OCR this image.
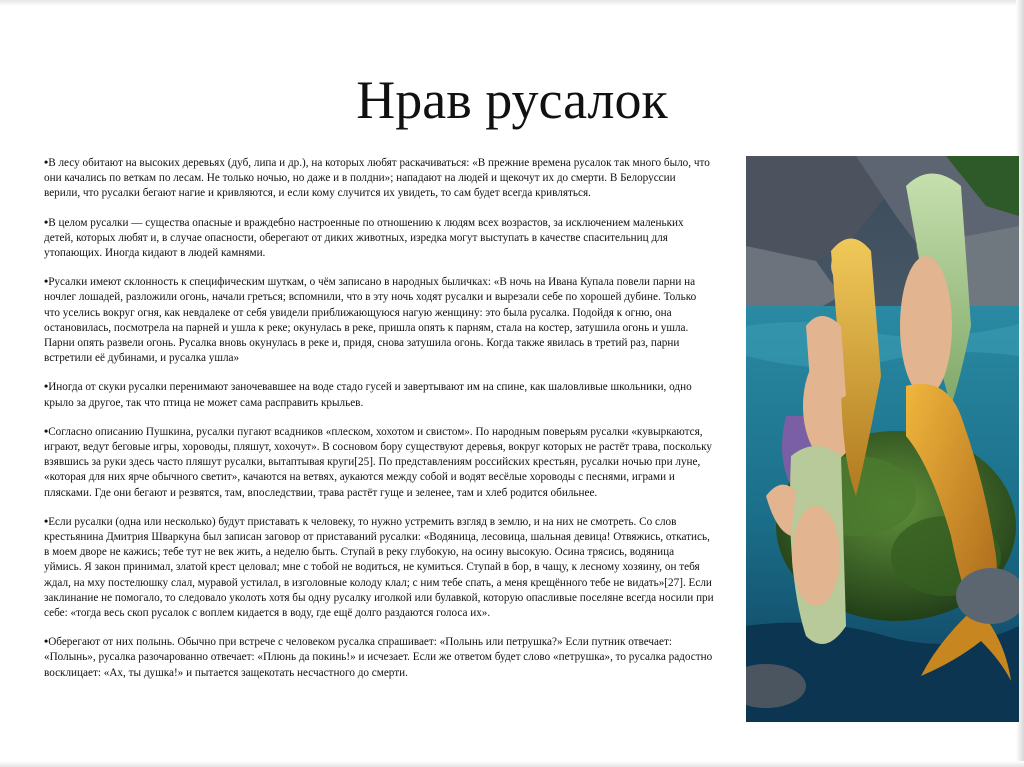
Нрав русалок

•В лесу обитают на высоких деревьях (дуб, липа и др.), на которых любят раскачиваться: «В прежние времена русалок так много было, что они качались по веткам по лесам. Не только ночью, но даже и в полдни»; нападают на людей и щекочут их до смерти. В Белоруссии верили, что русалки бегают нагие и кривляются, и если кому случится их увидеть, то сам будет всегда кривляться.

•В целом русалки — существа опасные и враждебно настроенные по отношению к людям всех возрастов, за исключением маленьких детей, которых любят и, в случае опасности, оберегают от диких животных, изредка могут выступать в качестве спасительниц для утопающих. Иногда кидают в людей камнями.

•Русалки имеют склонность к специфическим шуткам, о чём записано в народных быличках: «В ночь на Ивана Купала повели парни на ночлег лошадей, разложили огонь, начали греться; вспомнили, что в эту ночь ходят русалки и вырезали себе по хорошей дубине. Только что уселись вокруг огня, как невдалеке от себя увидели приближающуюся нагую женщину: это была русалка. Подойдя к огню, она остановилась, посмотрела на парней и ушла к реке; окунулась в реке, пришла опять к парням, стала на костер, затушила огонь и ушла. Парни опять развели огонь. Русалка вновь окунулась в реке и, придя, снова затушила огонь. Когда также явилась в третий раз, парни встретили её дубинами, и русалка ушла»

•Иногда от скуки русалки перенимают заночевавшее на воде стадо гусей и завертывают им на спине, как шаловливые школьники, одно крыло за другое, так что птица не может сама расправить крыльев.

•Согласно описанию Пушкина, русалки пугают всадников «плеском, хохотом и свистом». По народным поверьям русалки «кувыркаются, играют, ведут беговые игры, хороводы, пляшут, хохочут». В сосновом бору существуют деревья, вокруг которых не растёт трава, поскольку взявшись за руки здесь часто пляшут русалки, вытаптывая круги[25]. По представлениям российских крестьян, русалки ночью при луне, «которая для них ярче обычного светит», качаются на ветвях, аукаются между собой и водят весёлые хороводы с песнями, играми и плясками. Где они бегают и резвятся, там, впоследствии, трава растёт гуще и зеленее, там и хлеб родится обильнее.

•Если русалки (одна или несколько) будут приставать к человеку, то нужно устремить взгляд в землю, и на них не смотреть. Со слов крестьянина Дмитрия Шваркуна был записан заговор от приставаний русалки: «Водяница, лесовица, шальная девица! Отвяжись, откатись, в моем дворе не кажись; тебе тут не век жить, а неделю быть. Ступай в реку глубокую, на осину высокую. Осина трясись, водяница уймись. Я закон принимал, златой крест целовал; мне с тобой не водиться, не кумиться. Ступай в бор, в чащу, к лесному хозяину, он тебя ждал, на мху постелюшку слал, муравой устилал, в изголовные колоду клал; с ним тебе спать, а меня крещённого тебе не видать»[27]. Если заклинание не помогало, то следовало уколоть хотя бы одну русалку иголкой или булавкой, которую опасливые поселяне всегда носили при себе: «тогда весь скоп русалок с воплем кидается в воду, где ещё долго раздаются голоса их».

•Оберегают от них полынь. Обычно при встрече с человеком русалка спрашивает: «Полынь или петрушка?» Если путник отвечает: «Полынь», русалка разочарованно отвечает: «Плюнь да покинь!» и исчезает. Если же ответом будет слово «петрушка», то русалка радостно восклицает: «Ах, ты душка!» и пытается защекотать несчастного до смерти.
